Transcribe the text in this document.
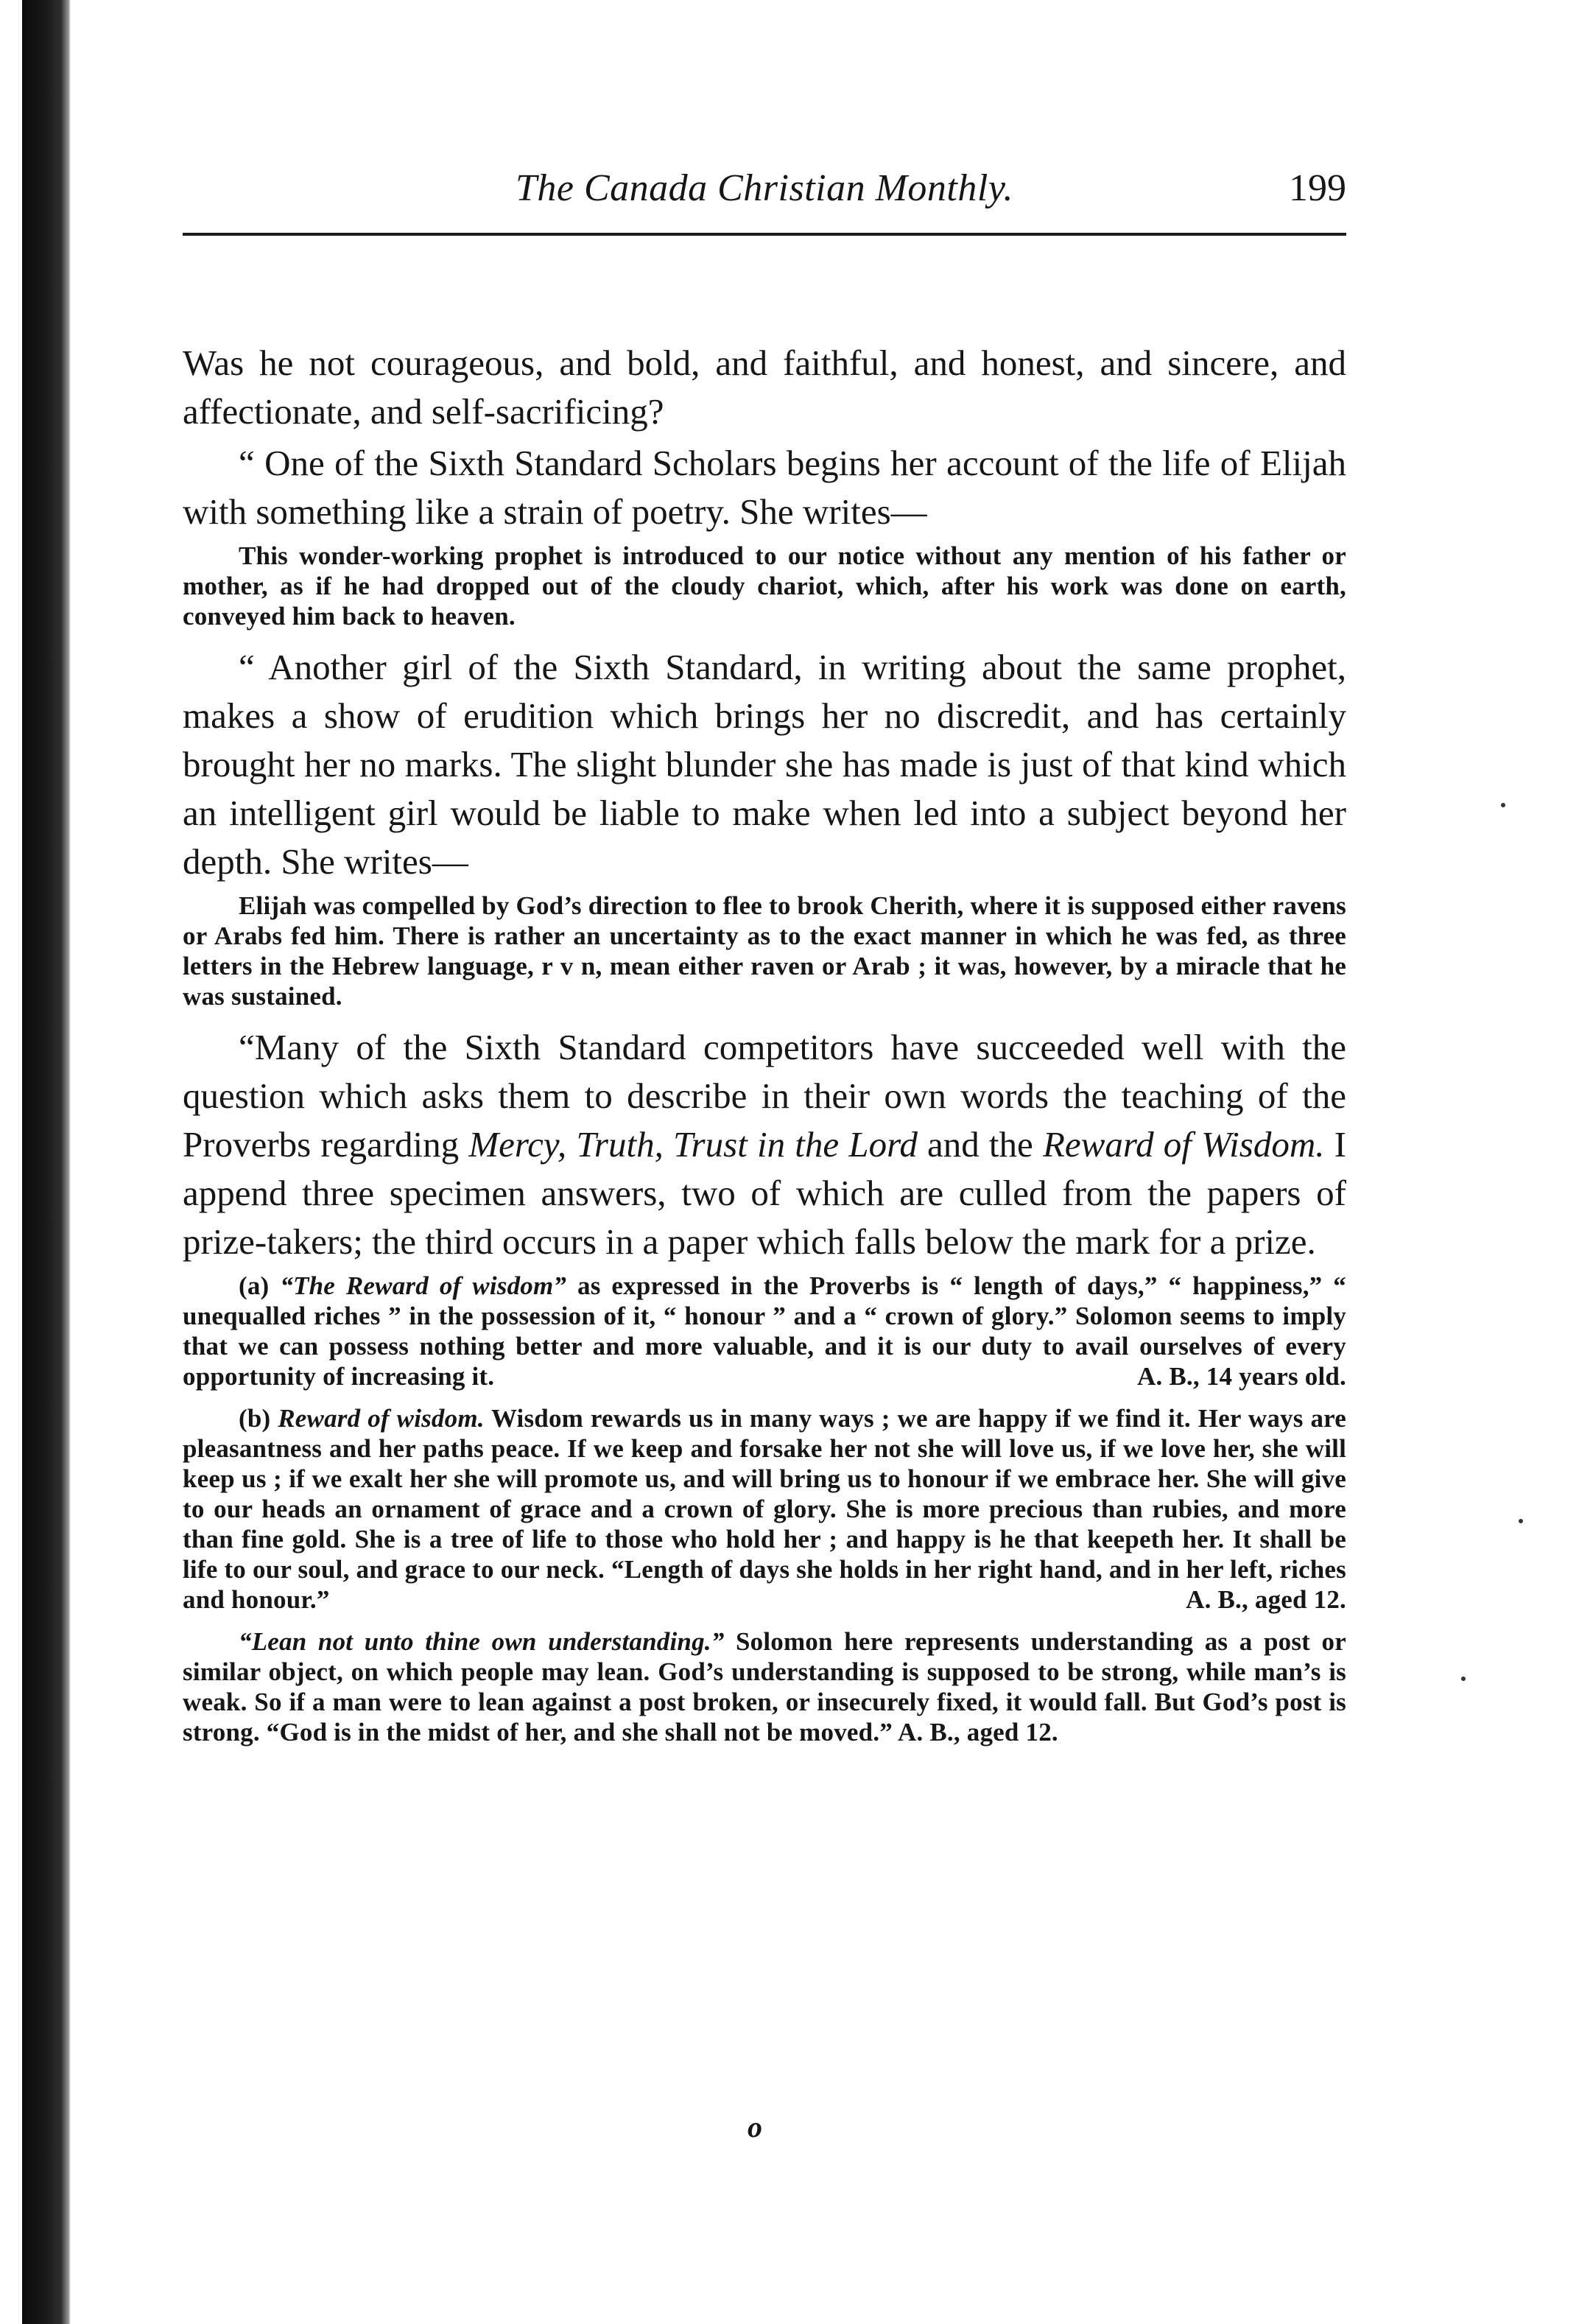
The Canada Christian Monthly.	199

Was he not courageous, and bold, and faithful, and honest, and sincere, and affectionate, and self-sacrificing?

“ One of the Sixth Standard Scholars begins her account of the life of Elijah with something like a strain of poetry. She writes—

This wonder-working prophet is introduced to our notice without any mention of his father or mother, as if he had dropped out of the cloudy chariot, which, after his work was done on earth, conveyed him back to heaven.

“ Another girl of the Sixth Standard, in writing about the same prophet, makes a show of erudition which brings her no discredit, and has certainly brought her no marks. The slight blunder she has made is just of that kind which an intelligent girl would be liable to make when led into a subject beyond her depth. She writes—

Elijah was compelled by God’s direction to flee to brook Cherith, where it is supposed either ravens or Arabs fed him. There is rather an uncertainty as to the exact manner in which he was fed, as three letters in the Hebrew language, r v n, mean either raven or Arab ; it was, however, by a miracle that he was sustained.

“Many of the Sixth Standard competitors have succeeded well with the question which asks them to describe in their own words the teaching of the Proverbs regarding Mercy, Truth, Trust in the Lord and the Reward of Wisdom. I append three specimen answers, two of which are culled from the papers of prize-takers; the third occurs in a paper which falls below the mark for a prize.

(a) “The Reward of wisdom” as expressed in the Proverbs is “ length of days,” “ happiness,” “ unequalled riches ” in the possession of it, “ honour ” and a “ crown of glory.” Solomon seems to imply that we can possess nothing better and more valuable, and it is our duty to avail ourselves of every opportunity of increasing it.	A. B., 14 years old.

(b) Reward of wisdom. Wisdom rewards us in many ways ; we are happy if we find it. Her ways are pleasantness and her paths peace. If we keep and forsake her not she will love us, if we love her, she will keep us ; if we exalt her she will promote us, and will bring us to honour if we embrace her. She will give to our heads an ornament of grace and a crown of glory. She is more precious than rubies, and more than fine gold. She is a tree of life to those who hold her ; and happy is he that keepeth her. It shall be life to our soul, and grace to our neck. “Length of days she holds in her right hand, and in her left, riches and honour.”	A. B., aged 12.

“Lean not unto thine own understanding.” Solomon here represents understanding as a post or similar object, on which people may lean. God’s understanding is supposed to be strong, while man’s is weak. So if a man were to lean against a post broken, or insecurely fixed, it would fall. But God’s post is strong. “God is in the midst of her, and she shall not be moved.” A. B., aged 12.

o
